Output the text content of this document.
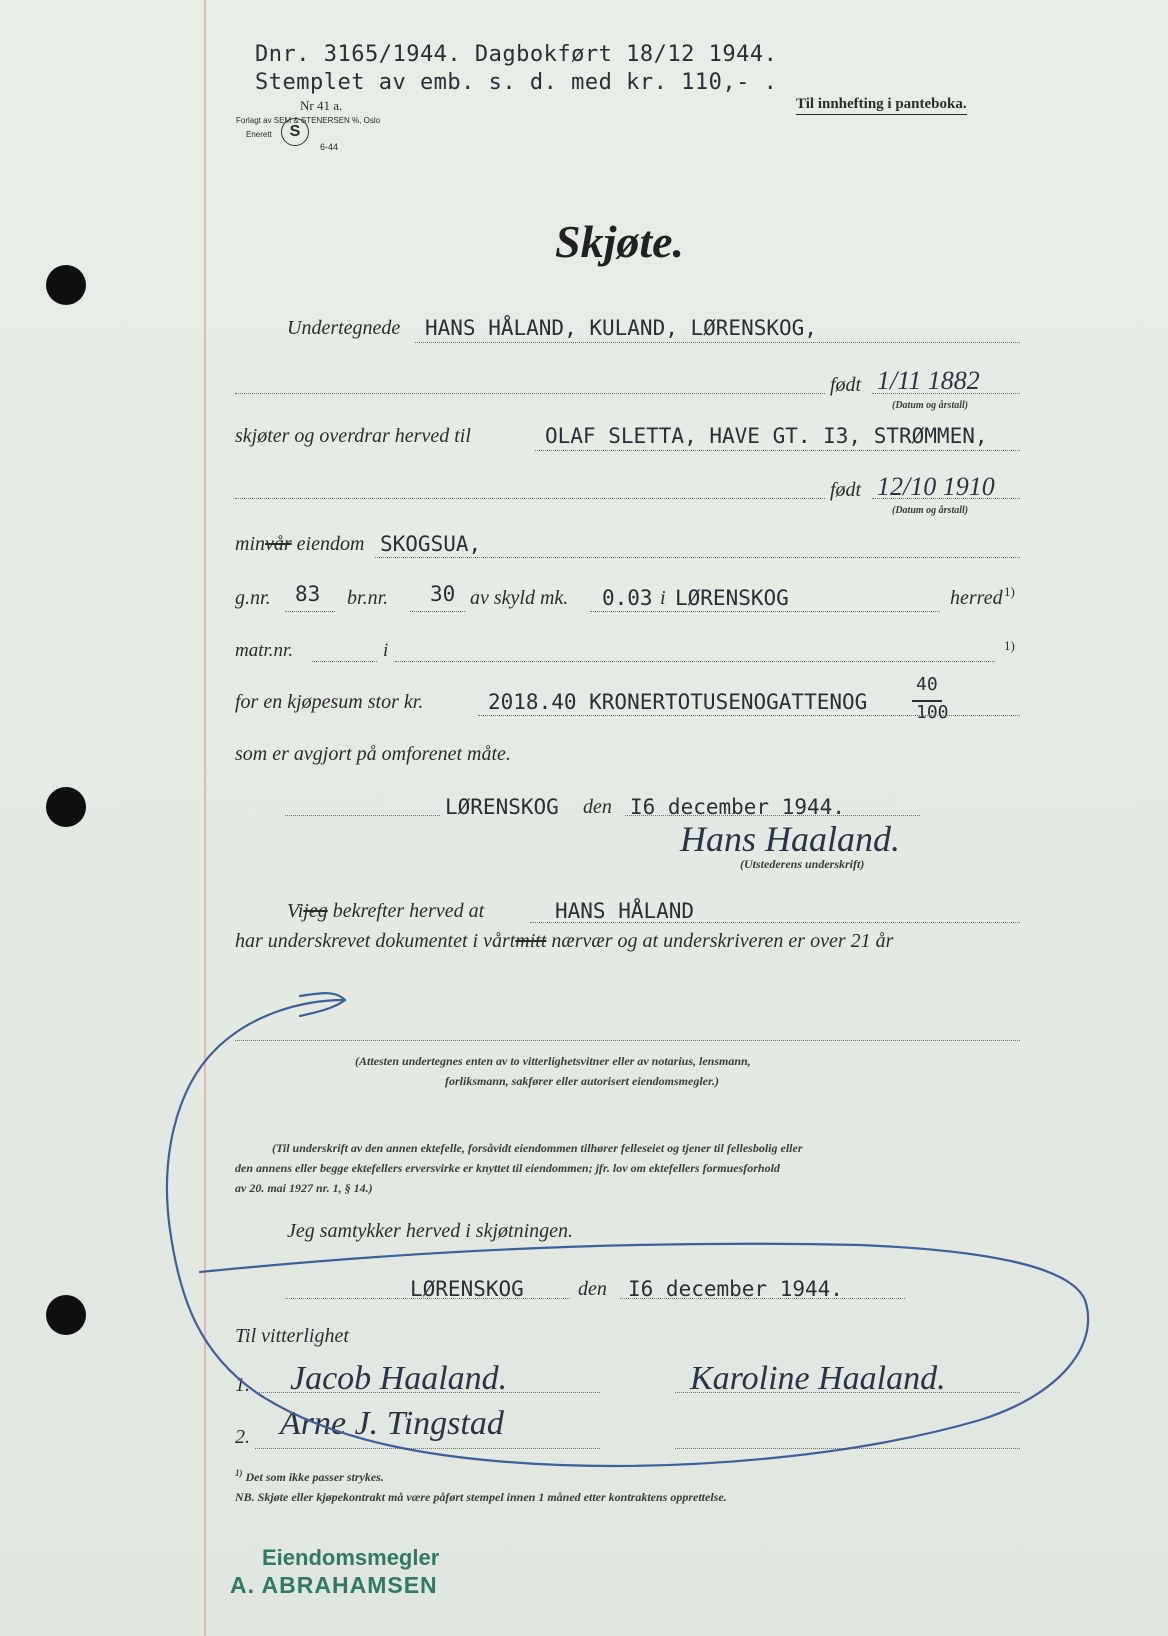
Dnr. 3165/1944. Dagbokført 18/12 1944.
Stemplet av emb. s. d. med kr. 110,- .
Nr 41 a.
Forlagt av SEM & STENERSEN %, Oslo
Enerett	S
6-44
Til innhefting i panteboka.
Skjøte.
Undertegnede HANS HÅLAND, KULAND, LØRENSKOG,
født 1/11 1882
(Datum og årstall)
skjøter og overdrar herved til	OLAF SLETTA, HAVE GT. I3, STRØMMEN,
født 12/10 1910
(Datum og årstall)
minvår eiendom SKOGSUA,
g.nr. 83 br.nr. 30 av skyld mk. 0.03 i LØRENSKOG	herred 1)
matr.nr.	i	1)
for en kjøpesum stor kr.	2018.40 KRONERTOTUSENOGATTENOG
40
100
som er avgjort på omforenet måte.
LØRENSKOG den I6 december 1944.
Hans Haaland.
(Utstederens underskrift)
Vijeg bekrefter herved at	HANS HÅLAND
har underskrevet dokumentet i vårtmitt nærvær og at underskriveren er over 21 år
(Attesten undertegnes enten av to vitterlighetsvitner eller av notarius, lensmann,
forliksmann, sakfører eller autorisert eiendomsmegler.)
(Til underskrift av den annen ektefelle, forsåvidt eiendommen tilhører felleseiet og tjener til fellesbolig eller
den annens eller begge ektefellers erversvirke er knyttet til eiendommen; jfr. lov om ektefellers formuesforhold
av 20. mai 1927 nr. 1, § 14.)
Jeg samtykker herved i skjøtningen.
LØRENSKOG	den I6 december 1944.
Til vitterlighet
1. Jacob Haaland.	Karoline Haaland.
2. Arne J. Tingstad
$^{1)}$ Det som ikke passer strykes.
NB. Skjøte eller kjøpekontrakt må være påført stempel innen 1 måned etter kontraktens opprettelse.
Eiendomsmegler
A. ABRAHAMSEN
